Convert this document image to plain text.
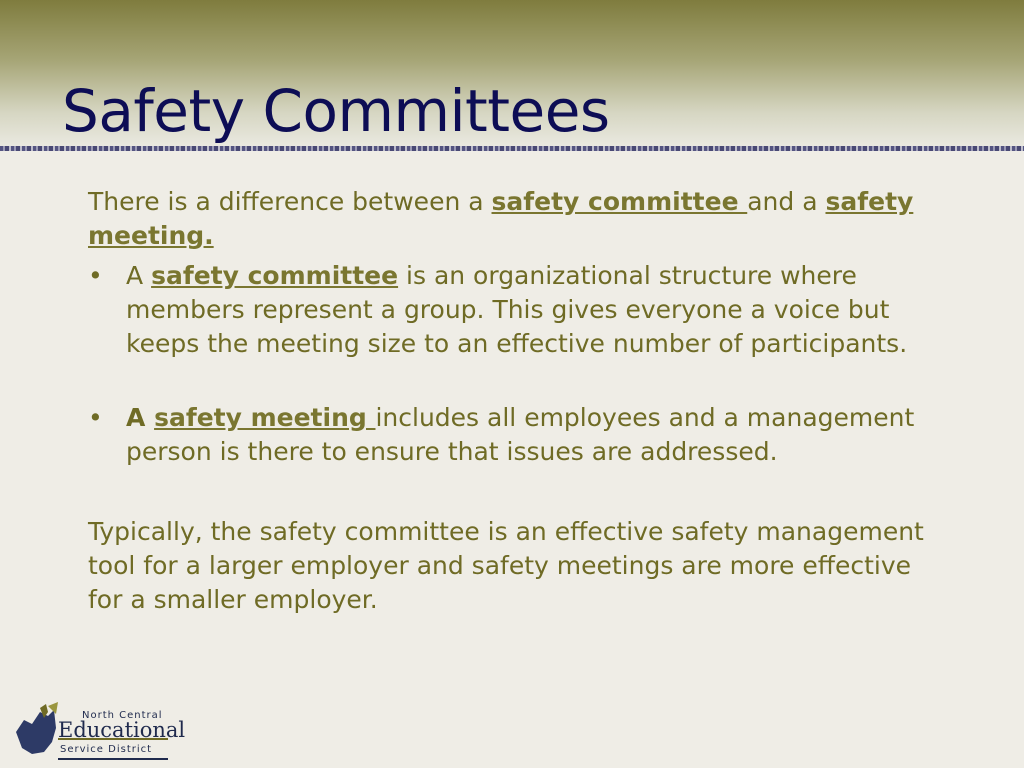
Safety Committees

There is a difference between a safety committee and a safety meeting.

• A safety committee is an organizational structure where members represent a group. This gives everyone a voice but keeps the meeting size to an effective number of participants.
• A safety meeting includes all employees and a management person is there to ensure that issues are addressed.

Typically, the safety committee is an effective safety management tool for a larger employer and safety meetings are more effective for a smaller employer.

North Central
Educational
Service District
